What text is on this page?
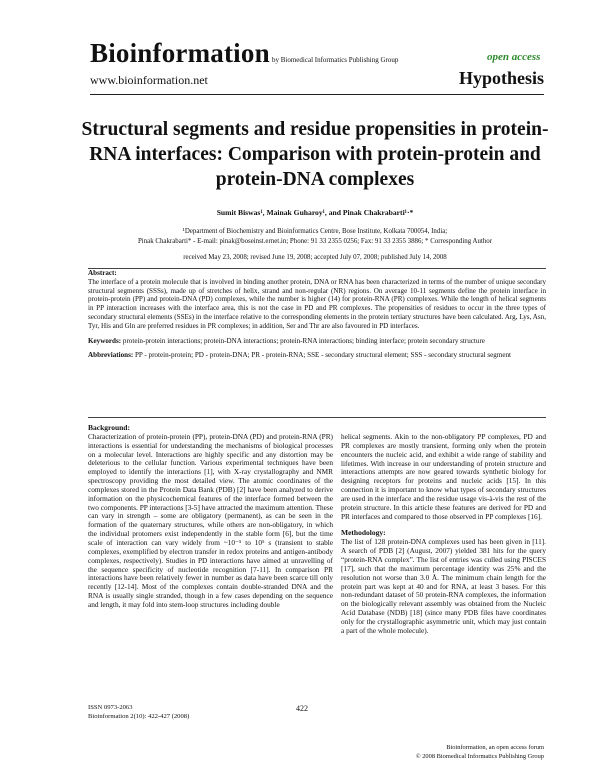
Bioinformation by Biomedical Informatics Publishing Group	open access
www.bioinformation.net	Hypothesis
Structural segments and residue propensities in protein-RNA interfaces: Comparison with protein-protein and protein-DNA complexes
Sumit Biswas¹, Mainak Guharoy¹, and Pinak Chakrabarti¹·*
¹Department of Biochemistry and Bioinformatics Centre, Bose Institute, Kolkata 700054, India;
Pinak Chakrabarti* - E-mail: pinak@boseinst.ernet.in; Phone: 91 33 2355 0256; Fax: 91 33 2355 3886; * Corresponding Author
received May 23, 2008; revised June 19, 2008; accepted July 07, 2008; published July 14, 2008

Abstract:
The interface of a protein molecule that is involved in binding another protein, DNA or RNA has been characterized in terms of the number of unique secondary structural segments (SSSs), made up of stretches of helix, strand and non-regular (NR) regions. On average 10-11 segments define the protein interface in protein-protein (PP) and protein-DNA (PD) complexes, while the number is higher (14) for protein-RNA (PR) complexes. While the length of helical segments in PP interaction increases with the interface area, this is not the case in PD and PR complexes. The propensities of residues to occur in the three types of secondary structural elements (SSEs) in the interface relative to the corresponding elements in the protein tertiary structures have been calculated. Arg, Lys, Asn, Tyr, His and Gln are preferred residues in PR complexes; in addition, Ser and Thr are also favoured in PD interfaces.

Keywords: protein-protein interactions; protein-DNA interactions; protein-RNA interactions; binding interface; protein secondary structure

Abbreviations: PP - protein-protein; PD - protein-DNA; PR - protein-RNA; SSE - secondary structural element; SSS - secondary structural segment

Background:

Characterization of protein-protein (PP), protein-DNA (PD) and protein-RNA (PR) interactions is essential for understanding the mechanisms of biological processes on a molecular level. Interactions are highly specific and any distortion may be deleterious to the cellular function. Various experimental techniques have been employed to identify the interactions [1], with X-ray crystallography and NMR spectroscopy providing the most detailed view. The atomic coordinates of the complexes stored in the Protein Data Bank (PDB) [2] have been analyzed to derive information on the physicochemical features of the interface formed between the two components. PP interactions [3-5] have attracted the maximum attention. These can vary in strength – some are obligatory (permanent), as can be seen in the formation of the quaternary structures, while others are non-obligatory, in which the individual protomers exist independently in the stable form [6], but the time scale of interaction can vary widely from ~10⁻⁵ to 10⁵ s (transient to stable complexes, exemplified by electron transfer in redox proteins and antigen-antibody complexes, respectively). Studies in PD interactions have aimed at unravelling of the sequence specificity of nucleotide recognition [7-11]. In comparison PR interactions have been relatively fewer in number as data have been scarce till only recently [12-14]. Most of the complexes contain double-stranded DNA and the RNA is usually single stranded, though in a few cases depending on the sequence and length, it may fold into stem-loop structures including double

helical segments. Akin to the non-obligatory PP complexes, PD and PR complexes are mostly transient, forming only when the protein encounters the nucleic acid, and exhibit a wide range of stability and lifetimes. With increase in our understanding of protein structure and interactions attempts are now geared towards synthetic biology for designing receptors for proteins and nucleic acids [15]. In this connection it is important to know what types of secondary structures are used in the interface and the residue usage vis-à-vis the rest of the protein structure. In this article these features are derived for PD and PR interfaces and compared to those observed in PP complexes [16].

Methodology:

The list of 128 protein-DNA complexes used has been given in [11]. A search of PDB [2] (August, 2007) yielded 381 hits for the query “protein-RNA complex”. The list of entries was culled using PISCES [17], such that the maximum percentage identity was 25% and the resolution not worse than 3.0 Å. The minimum chain length for the protein part was kept at 40 and for RNA, at least 3 bases. For this non-redundant dataset of 50 protein-RNA complexes, the information on the biologically relevant assembly was obtained from the Nucleic Acid Database (NDB) [18] (since many PDB files have coordinates only for the crystallographic asymmetric unit, which may just contain a part of the whole molecule).

ISSN 0973-2063
Bioinformation 2(10): 422-427 (2008)
422
Bioinformation, an open access forum
© 2008 Biomedical Informatics Publishing Group
